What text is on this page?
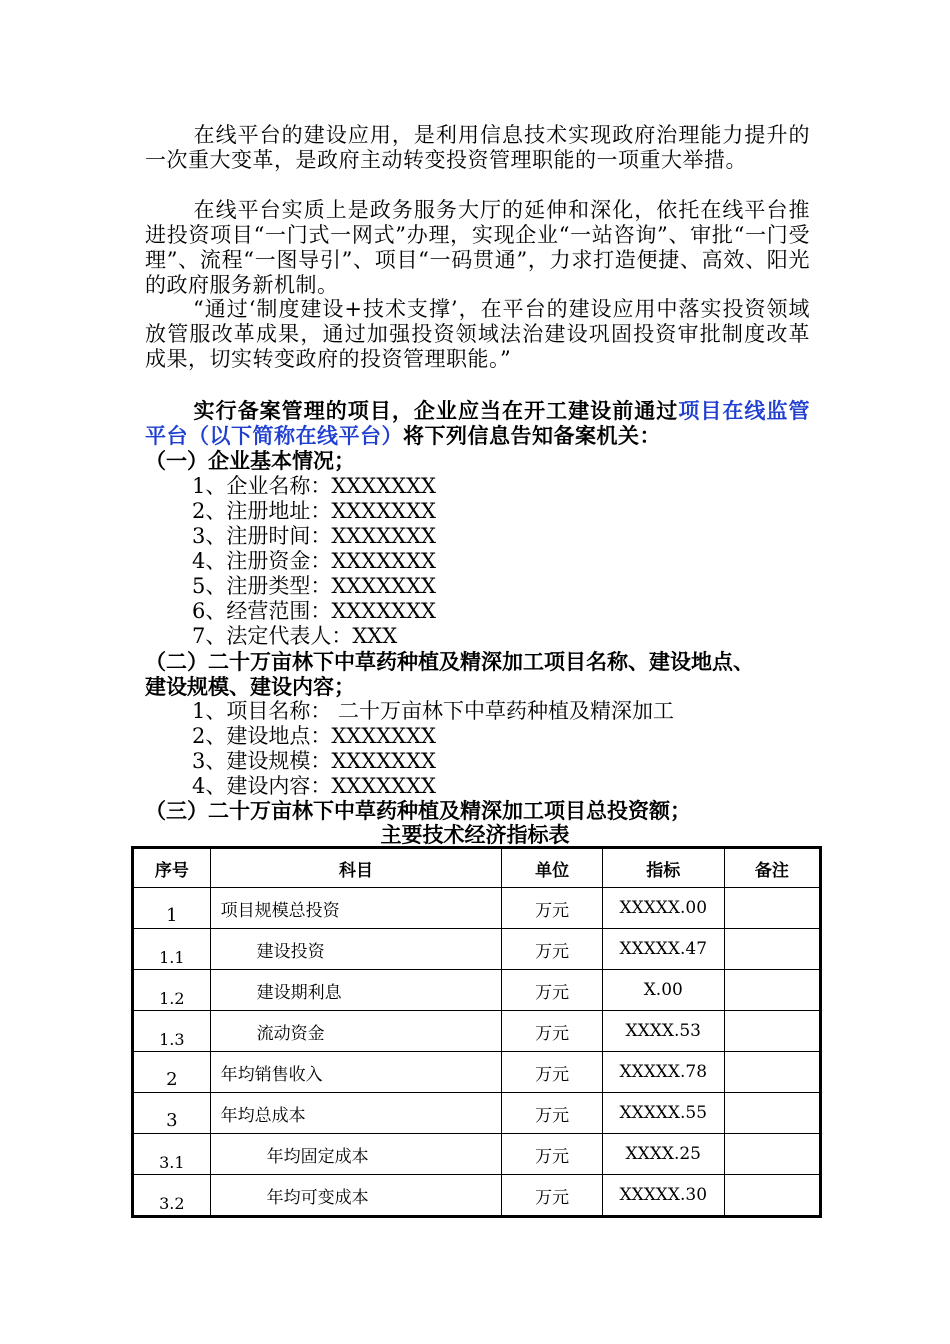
在线平台的建设应用，是利用信息技术实现政府治理能力提升的一次重大变革，是政府主动转变投资管理职能的一项重大举措。
在线平台实质上是政务服务大厅的延伸和深化，依托在线平台推进投资项目“一门式一网式”办理，实现企业“一站咨询”、审批“一门受理”、流程“一图导引”、项目“一码贯通”，力求打造便捷、高效、阳光的政府服务新机制。
“通过‘制度建设+技术支撑’，在平台的建设应用中落实投资领域放管服改革成果，通过加强投资领域法治建设巩固投资审批制度改革成果，切实转变政府的投资管理职能。”
实行备案管理的项目，企业应当在开工建设前通过项目在线监管平台（以下简称在线平台）将下列信息告知备案机关：
（一）企业基本情况；
1、企业名称：XXXXXXX
2、注册地址：XXXXXXX
3、注册时间：XXXXXXX
4、注册资金：XXXXXXX
5、注册类型：XXXXXXX
6、经营范围：XXXXXXX
7、法定代表人：XXX
（二）二十万亩林下中草药种植及精深加工项目名称、建设地点、
建设规模、建设内容；
1、项目名称： 二十万亩林下中草药种植及精深加工
2、建设地点：XXXXXXX
3、建设规模：XXXXXXX
4、建设内容：XXXXXXX
（三）二十万亩林下中草药种植及精深加工项目总投资额；
主要技术经济指标表
序号	科目	单位	指标	备注
1	项目规模总投资	万元	XXXXX.00	
1.1	建设投资	万元	XXXXX.47	
1.2	建设期利息	万元	X.00	
1.3	流动资金	万元	XXXX.53	
2	年均销售收入	万元	XXXXX.78	
3	年均总成本	万元	XXXXX.55	
3.1	年均固定成本	万元	XXXX.25	
3.2	年均可变成本	万元	XXXXX.30	
